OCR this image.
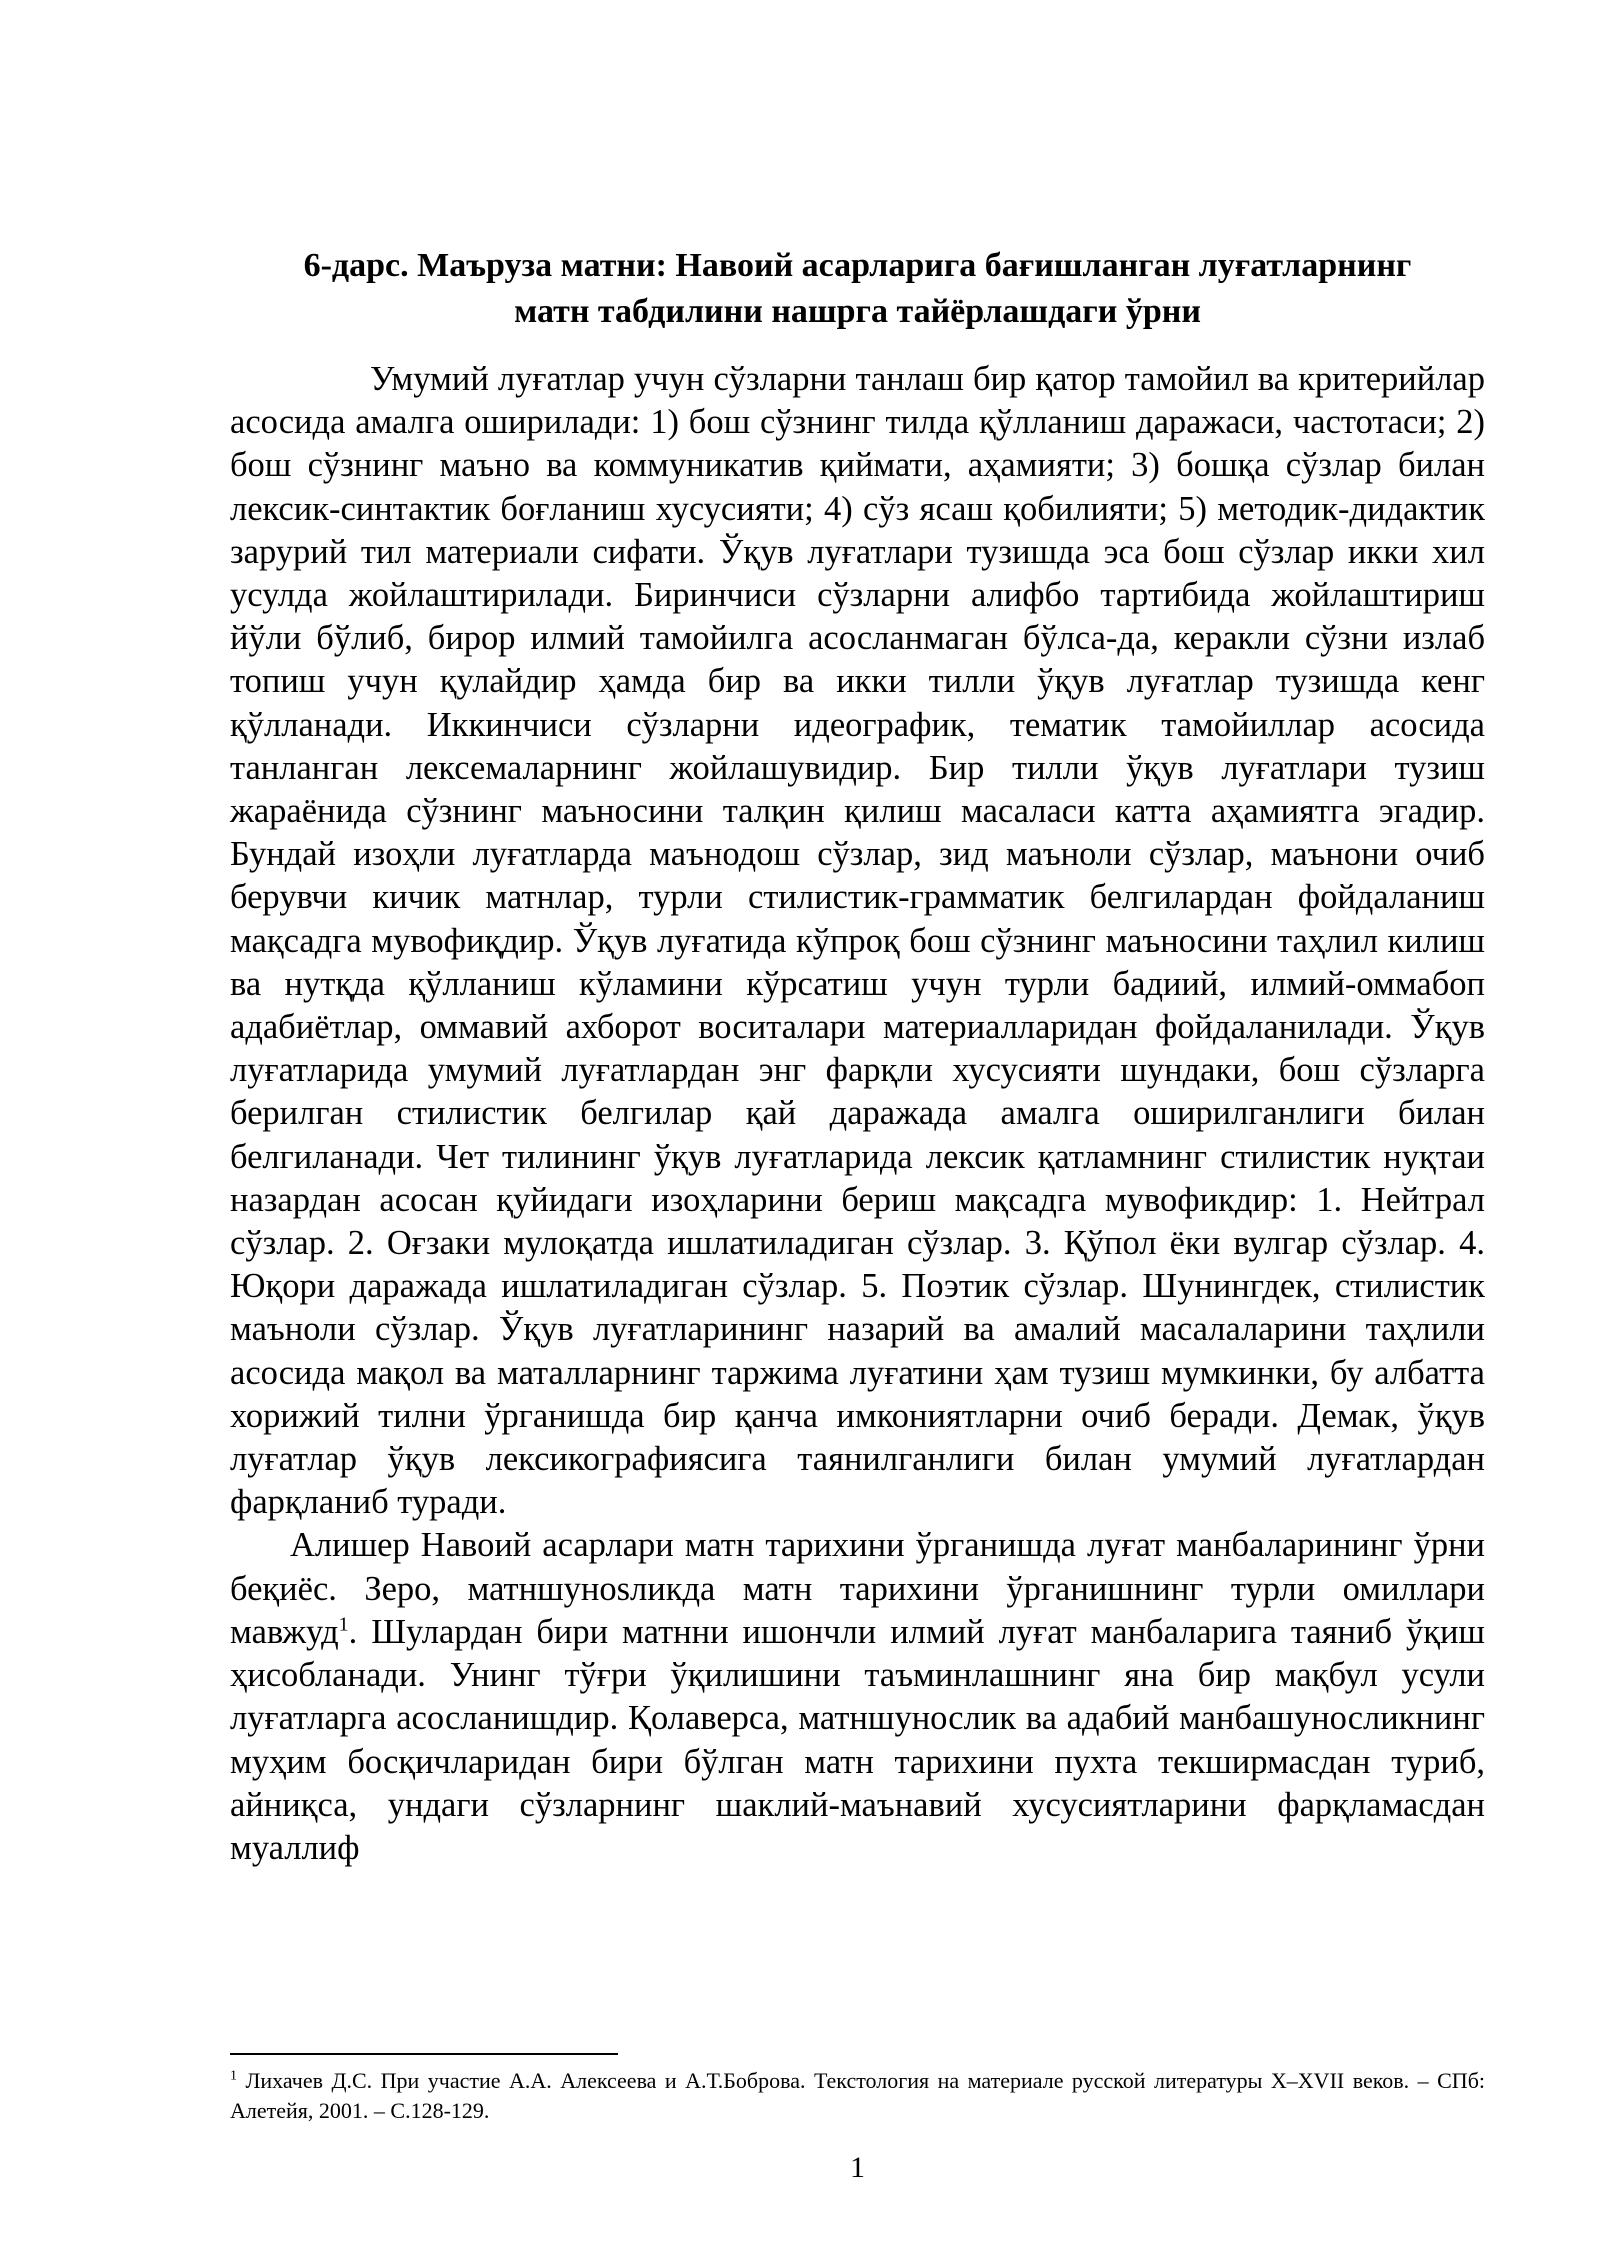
6-дарс. Маъруза матни: Навоий асарларига бағишланган луғатларнинг
матн табдилини нашрга тайёрлашдаги ўрни

Умумий луғатлар учун сўзларни танлаш бир қатор тамойил ва критерийлар асосида амалга оширилади: 1) бош сўзнинг тилда қўлланиш даражаси, частотаси; 2) бош сўзнинг маъно ва коммуникатив қиймати, аҳамияти; 3) бошқа сўзлар билан лексик-синтактик боғланиш хусусияти; 4) сўз ясаш қобилияти; 5) методик-дидактик зарурий тил материали сифати. Ўқув луғатлари тузишда эса бош сўзлар икки хил усулда жойлаштирилади. Биринчиси сўзларни алифбо тартибида жойлаштириш йўли бўлиб, бирор илмий тамойилга асосланмаган бўлса-да, керакли сўзни излаб топиш учун қулайдир ҳамда бир ва икки тилли ўқув луғатлар тузишда кенг қўлланади. Иккинчиси сўзларни идеографик, тематик тамойиллар асосида танланган лексемаларнинг жойлашувидир. Бир тилли ўқув луғатлари тузиш жараёнида сўзнинг маъносини талқин қилиш масаласи катта аҳамиятга эгадир. Бундай изоҳли луғатларда маънодош сўзлар, зид маъноли сўзлар, маънони очиб берувчи кичик матнлар, турли стилистик-грамматик белгилардан фойдаланиш мақсадга мувофиқдир. Ўқув луғатида кўпроқ бош сўзнинг маъносини таҳлил килиш ва нутқда қўлланиш кўламини кўрсатиш учун турли бадиий, илмий-оммабоп адабиётлар, оммавий ахборот воситалари материалларидан фойдаланилади. Ўқув луғатларида умумий луғатлардан энг фарқли хусусияти шундаки, бош сўзларга берилган стилистик белгилар қай даражада амалга оширилганлиги билан белгиланади. Чет тилининг ўқув луғатларида лексик қатламнинг стилистик нуқтаи назардан асосан қуйидаги изоҳларини бериш мақсадга мувофикдир: 1. Нейтрал сўзлар. 2. Оғзаки мулоқатда ишлатиладиган сўзлар. 3. Қўпол ёки вулгар сўзлар. 4. Юқори даражада ишлатиладиган сўзлар. 5. Поэтик сўзлар. Шунингдек, стилистик маъноли сўзлар. Ўқув луғатларининг назарий ва амалий масалаларини таҳлили асосида мақол ва маталларнинг таржима луғатини ҳам тузиш мумкинки, бу албатта хорижий тилни ўрганишда бир қанча имкониятларни очиб беради. Демак, ўқув луғатлар ўқув лексикографиясига таянилганлиги билан умумий луғатлардан фарқланиб туради.

Алишер Навоий асарлари матн тарихини ўрганишда луғат манбаларининг ўрни беқиёс. Зеро, матншунosликда матн тарихини ўрганишнинг турли омиллари мавжуд$^1$. Шулардан бири матнни ишончли илмий луғат манбаларига таяниб ўқиш ҳисобланади. Унинг тўғри ўқилишини таъминлашнинг яна бир мақбул усули луғатларга асосланишдир. Қолаверса, матншунослик ва адабий манбашуносликнинг муҳим босқичларидан бири бўлган матн тарихини пухта текширмасдан туриб, айниқса, ундаги сўзларнинг шаклий-маънавий хусусиятларини фарқламасдан муаллиф

$^1$ Лихачев Д.С. При участие А.А. Алексеева и А.Т.Боброва. Текстология на материале русской литературы X–XVII веков. – СПб: Алетейя, 2001. – С.128-129.
1
